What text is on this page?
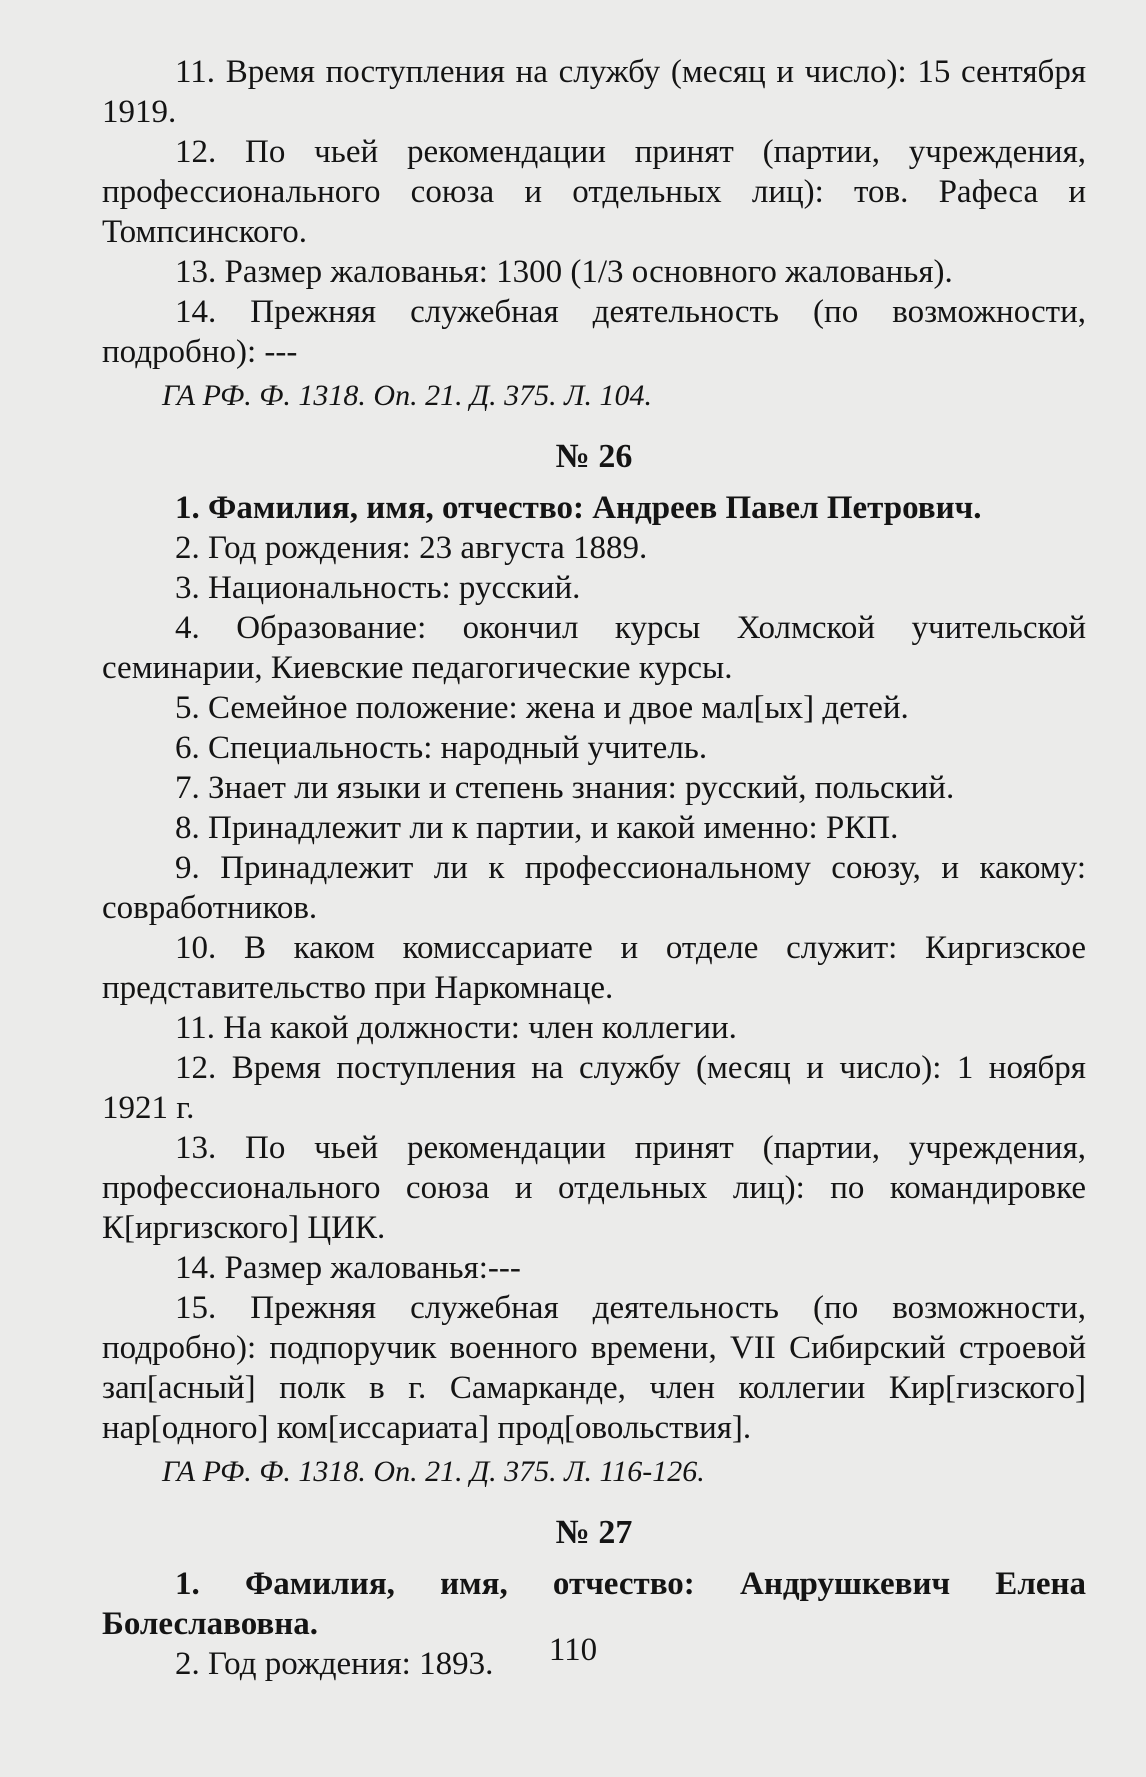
11. Время поступления на службу (месяц и число): 15 сентября 1919.

12. По чьей рекомендации принят (партии, учреждения, профессионального союза и отдельных лиц): тов. Рафеса и Томпсинского.

13. Размер жалованья: 1300 (1/3 основного жалованья).

14. Прежняя служебная деятельность (по возможности, подробно): ---

ГА РФ. Ф. 1318. Оп. 21. Д. 375. Л. 104.

№ 26

1. Фамилия, имя, отчество: Андреев Павел Петрович.

2. Год рождения: 23 августа 1889.

3. Национальность: русский.

4. Образование: окончил курсы Холмской учительской семинарии, Киевские педагогические курсы.

5. Семейное положение: жена и двое мал[ых] детей.

6. Специальность: народный учитель.

7. Знает ли языки и степень знания: русский, польский.

8. Принадлежит ли к партии, и какой именно: РКП.

9. Принадлежит ли к профессиональному союзу, и какому: совработников.

10. В каком комиссариате и отделе служит: Киргизское представительство при Наркомнаце.

11. На какой должности: член коллегии.

12. Время поступления на службу (месяц и число): 1 ноября 1921 г.

13. По чьей рекомендации принят (партии, учреждения, профессионального союза и отдельных лиц): по командировке К[иргизского] ЦИК.

14. Размер жалованья:---

15. Прежняя служебная деятельность (по возможности, подробно): подпоручик военного времени, VII Сибирский строевой зап[асный] полк в г. Самарканде, член коллегии Кир[гизского] нар[одного] ком[иссариата] прод[овольствия].

ГА РФ. Ф. 1318. Оп. 21. Д. 375. Л. 116-126.

№ 27

1. Фамилия, имя, отчество: Андрушкевич Елена Болеславовна.

2. Год рождения: 1893.	110
